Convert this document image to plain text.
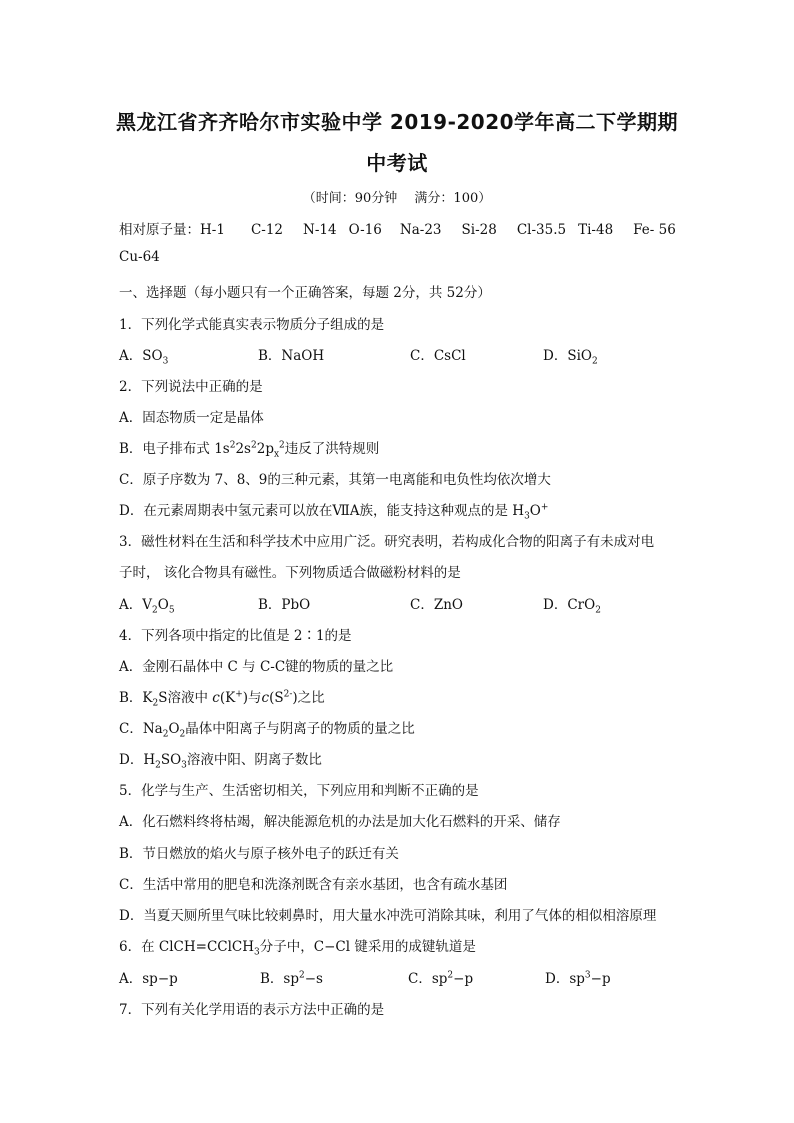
黑龙江省齐齐哈尔市实验中学 2019-2020学年高二下学期期
中考试
（时间：90分钟　 满分：100）
相对原子量：H-1 C-12 N-14 O-16 Na-23 Si-28 Cl-35.5 Ti-48 Fe- 56
Cu-64
一、选择题（每小题只有一个正确答案，每题 2分，共 52分）
1．下列化学式能真实表示物质分子组成的是
A．$SO_3$	B．NaOH	C．CsCl	D．SiO$_2$
2．下列说法中正确的是
A．固态物质一定是晶体
B．电子排布式 $1s^22s^22p_x^2$违反了洪特规则
C．原子序数为 7、8、9的三种元素，其第一电离能和电负性均依次增大
D．在元素周期表中氢元素可以放在ⅦA族，能支持这种观点的是 $H_3O^+$
3．磁性材料在生活和科学技术中应用广泛。研究表明，若构成化合物的阳离子有未成对电
子时， 该化合物具有磁性。下列物质适合做磁粉材料的是
A．$V_2O_5$	B．PbO	C．ZnO	D．CrO$_2$
4．下列各项中指定的比值是 2∶1的是
A．金刚石晶体中 C 与 C-C键的物质的量之比
B．$K_2S$溶液中 c(K+)与$c(S^{2-})$之比
C．$Na_2O_2$晶体中阳离子与阴离子的物质的量之比
D．$H_2SO_3$溶液中阳、阴离子数比
5．化学与生产、生活密切相关，下列应用和判断不正确的是
A．化石燃料终将枯竭，解决能源危机的办法是加大化石燃料的开采、储存
B．节日燃放的焰火与原子核外电子的跃迁有关
C．生活中常用的肥皂和洗涤剂既含有亲水基团，也含有疏水基团
D．当夏天厕所里气味比较刺鼻时，用大量水冲洗可消除其味，利用了气体的相似相溶原理
6．在 ClCH=CClCH$_3$分子中，C−Cl 键采用的成键轨道是
A．sp−p	B．$sp^2-s$	C．$sp^2-p$	D．$sp^3-p$
7．下列有关化学用语的表示方法中正确的是
